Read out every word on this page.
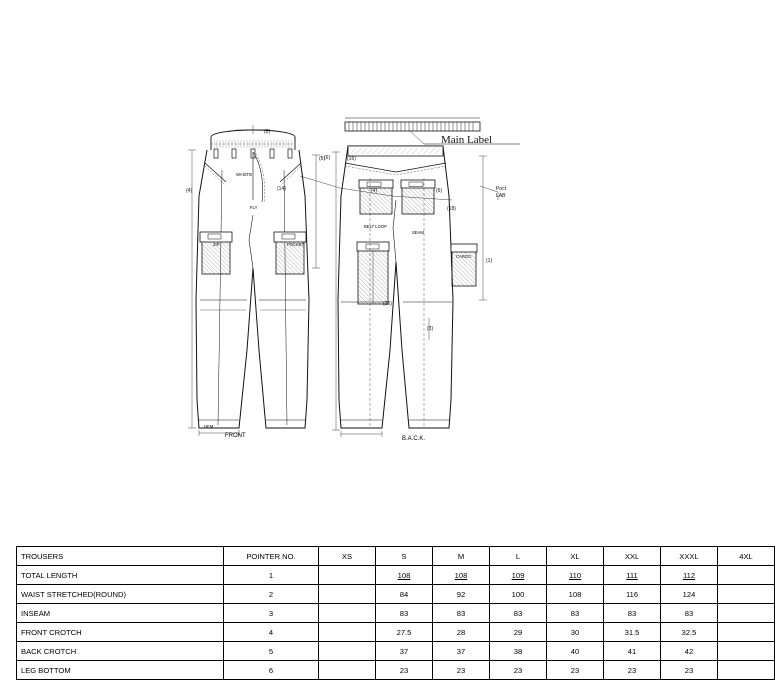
Main Label
FRONT	B.A.C.K.
Poct
LAB
(4)
(5)
(1)
(3)
(6)	(16)
(26)
(18)
(14)	(4)	(6)
(8)
WAISTB
ZIP	POCKET
FLY
HEM
CARGO
BELT LOOP
SEAM
TROUSERS	POINTER NO.	XS	S	M	L	XL	XXL	XXXL	4XL
TOTAL LENGTH	1		108	108	109	110	111	112	
WAIST STRETCHED(ROUND)	2		84	92	100	108	116	124	
INSEAM	3		83	83	83	83	83	83	
FRONT CROTCH	4		27.5	28	29	30	31.5	32.5	
BACK CROTCH	5		37	37	38	40	41	42	
LEG BOTTOM	6		23	23	23	23	23	23	
